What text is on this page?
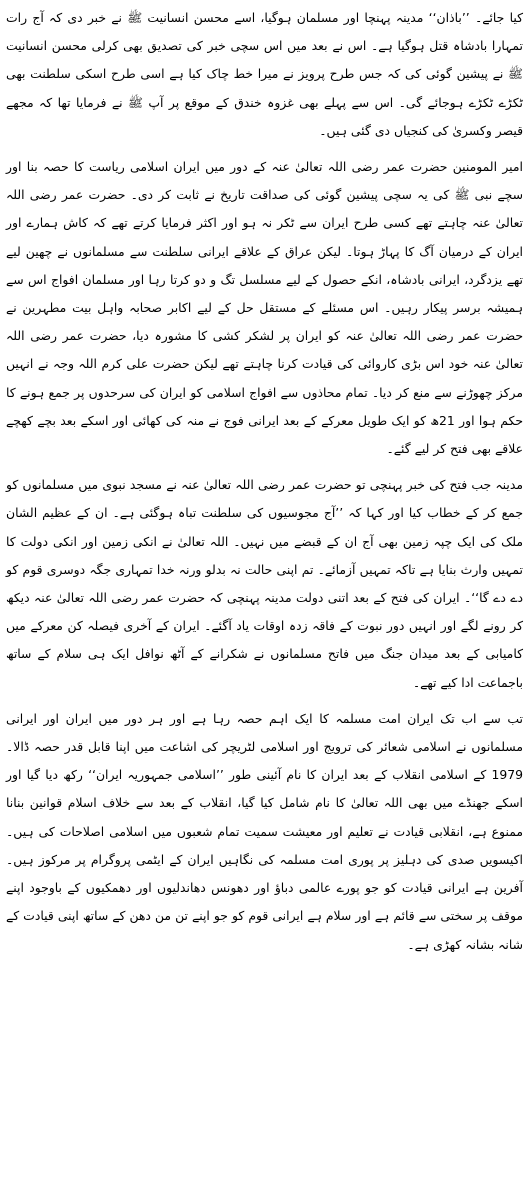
کیا جائے۔ ’’باذان‘‘ مدینہ پہنچا اور مسلمان ہوگیا، اسے محسن انسانیت ﷺ نے خبر دی کہ آج رات تمہارا بادشاہ قتل ہوگیا ہے۔ اس نے بعد میں اس سچی خبر کی تصدیق بھی کرلی محسن انسانیت ﷺ نے پیشین گوئی کی کہ جس طرح پرویز نے میرا خط چاک کیا ہے اسی طرح اسکی سلطنت بھی ٹکڑے ٹکڑے ہوجائے گی۔ اس سے پہلے بھی غزوہ خندق کے موقع پر آپ ﷺ نے فرمایا تھا کہ مجھے قیصر وکسریٰ کی کنجیاں دی گئی ہیں۔

امیر المومنین حضرت عمر رضی اللہ تعالیٰ عنہ کے دور میں ایران اسلامی ریاست کا حصہ بنا اور سچے نبی ﷺ کی یہ سچی پیشین گوئی کی صداقت تاریخ نے ثابت کر دی۔ حضرت عمر رضی اللہ تعالیٰ عنہ چاہتے تھے کسی طرح ایران سے ٹکر نہ ہو اور اکثر فرمایا کرتے تھے کہ کاش ہمارے اور ایران کے درمیان آگ کا پہاڑ ہوتا۔ لیکن عراق کے علاقے ایرانی سلطنت سے مسلمانوں نے چھین لیے تھے یزدگرد، ایرانی بادشاہ، انکے حصول کے لیے مسلسل تگ و دو کرتا رہا اور مسلمان افواج اس سے ہمیشہ برسر پیکار رہیں۔ اس مسئلے کے مستقل حل کے لیے اکابر صحابہ واہل بیت مطہرین نے حضرت عمر رضی اللہ تعالیٰ عنہ کو ایران پر لشکر کشی کا مشورہ دیا، حضرت عمر رضی اللہ تعالیٰ عنہ خود اس بڑی کاروائی کی قیادت کرنا چاہتے تھے لیکن حضرت علی کرم اللہ وجہ نے انہیں مرکز چھوڑنے سے منع کر دیا۔ تمام محاذوں سے افواج اسلامی کو ایران کی سرحدوں پر جمع ہونے کا حکم ہوا اور 21ھ کو ایک طویل معرکے کے بعد ایرانی فوج نے منہ کی کھائی اور اسکے بعد بچے کھچے علاقے بھی فتح کر لیے گئے۔

مدینہ جب فتح کی خبر پہنچی تو حضرت عمر رضی اللہ تعالیٰ عنہ نے مسجد نبوی میں مسلمانوں کو جمع کر کے خطاب کیا اور کہا کہ ’’آج مجوسیوں کی سلطنت تباہ ہوگئی ہے۔ ان کے عظیم الشان ملک کی ایک چپہ زمین بھی آج ان کے قبضے میں نہیں۔ اللہ تعالیٰ نے انکی زمین اور انکی دولت کا تمہیں وارث بنایا ہے تاکہ تمہیں آزمائے۔ تم اپنی حالت نہ بدلو ورنہ خدا تمہاری جگہ دوسری قوم کو دے دے گا‘‘۔ ایران کی فتح کے بعد اتنی دولت مدینہ پہنچی کہ حضرت عمر رضی اللہ تعالیٰ عنہ دیکھ کر رونے لگے اور انہیں دور نبوت کے فاقہ زدہ اوقات یاد آگئے۔ ایران کے آخری فیصلہ کن معرکے میں کامیابی کے بعد میدان جنگ میں فاتح مسلمانوں نے شکرانے کے آٹھ نوافل ایک ہی سلام کے ساتھ باجماعت ادا کیے تھے۔

تب سے اب تک ایران امت مسلمہ کا ایک اہم حصہ رہا ہے اور ہر دور میں ایران اور ایرانی مسلمانوں نے اسلامی شعائر کی ترویج اور اسلامی لٹریچر کی اشاعت میں اپنا قابل قدر حصہ ڈالا۔ 1979 کے اسلامی انقلاب کے بعد ایران کا نام آئینی طور ’’اسلامی جمہوریہ ایران‘‘ رکھ دیا گیا اور اسکے جھنڈے میں بھی اللہ تعالیٰ کا نام شامل کیا گیا، انقلاب کے بعد سے خلاف اسلام قوانین بنانا ممنوع ہے، انقلابی قیادت نے تعلیم اور معیشت سمیت تمام شعبوں میں اسلامی اصلاحات کی ہیں۔ اکیسویں صدی کی دہلیز پر پوری امت مسلمہ کی نگاہیں ایران کے ایٹمی پروگرام پر مرکوز ہیں۔ آفرین ہے ایرانی قیادت کو جو پورے عالمی دباؤ اور دھونس دھاندلیوں اور دھمکیوں کے باوجود اپنے موقف پر سختی سے قائم ہے اور سلام ہے ایرانی قوم کو جو اپنے تن من دھن کے ساتھ اپنی قیادت کے شانہ بشانہ کھڑی ہے۔
